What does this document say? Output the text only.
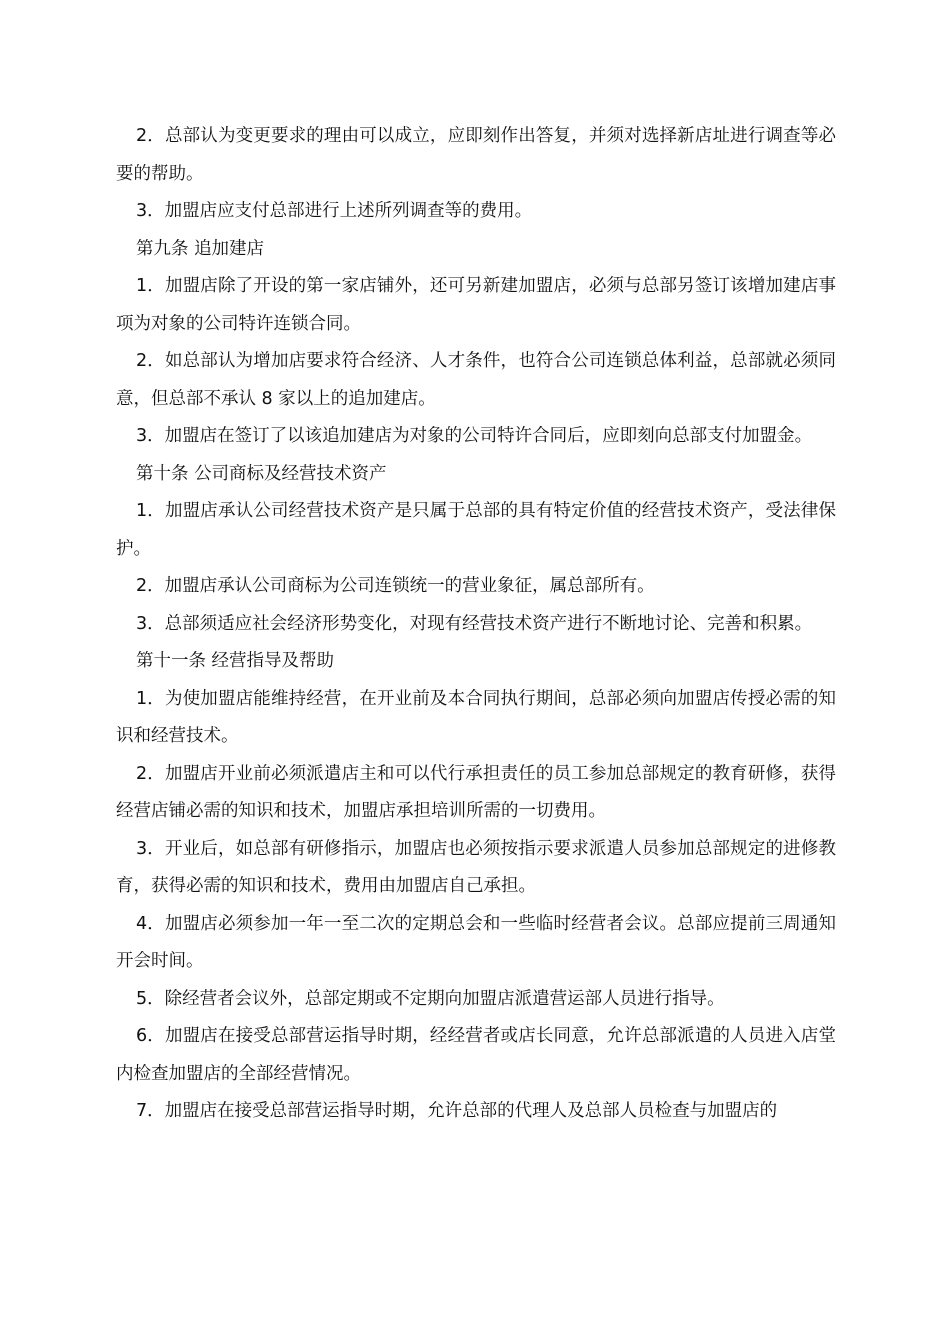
2．总部认为变更要求的理由可以成立，应即刻作出答复，并须对选择新店址进行调查等必要的帮助。

3．加盟店应支付总部进行上述所列调查等的费用。

第九条 追加建店

1．加盟店除了开设的第一家店铺外，还可另新建加盟店，必须与总部另签订该增加建店事项为对象的公司特许连锁合同。

2．如总部认为增加店要求符合经济、人才条件，也符合公司连锁总体利益，总部就必须同意，但总部不承认 8 家以上的追加建店。

3．加盟店在签订了以该追加建店为对象的公司特许合同后，应即刻向总部支付加盟金。

第十条 公司商标及经营技术资产

1．加盟店承认公司经营技术资产是只属于总部的具有特定价值的经营技术资产，受法律保护。

2．加盟店承认公司商标为公司连锁统一的营业象征，属总部所有。

3．总部须适应社会经济形势变化，对现有经营技术资产进行不断地讨论、完善和积累。

第十一条 经营指导及帮助

1．为使加盟店能维持经营，在开业前及本合同执行期间，总部必须向加盟店传授必需的知识和经营技术。

2．加盟店开业前必须派遣店主和可以代行承担责任的员工参加总部规定的教育研修，获得经营店铺必需的知识和技术，加盟店承担培训所需的一切费用。

3．开业后，如总部有研修指示，加盟店也必须按指示要求派遣人员参加总部规定的进修教育，获得必需的知识和技术，费用由加盟店自己承担。

4．加盟店必须参加一年一至二次的定期总会和一些临时经营者会议。总部应提前三周通知开会时间。

5．除经营者会议外，总部定期或不定期向加盟店派遣营运部人员进行指导。

6．加盟店在接受总部营运指导时期，经经营者或店长同意，允许总部派遣的人员进入店堂内检查加盟店的全部经营情况。

7．加盟店在接受总部营运指导时期，允许总部的代理人及总部人员检查与加盟店的
